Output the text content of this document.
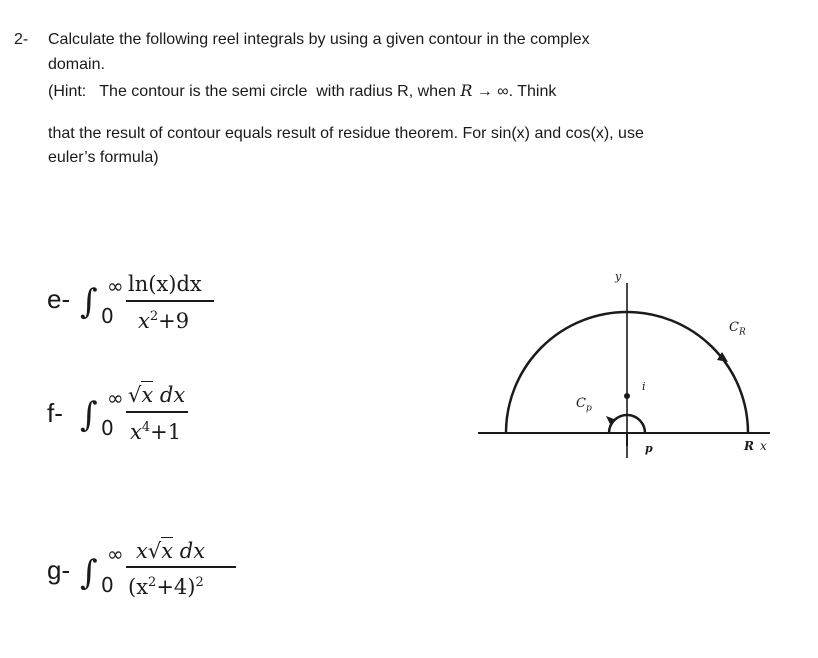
2- Calculate the following reel integrals by using a given contour in the complex
domain.
(Hint:   The contour is the semi circle  with radius R, when R → ∞. Think
that the result of contour equals result of residue theorem. For sin(x) and cos(x), use
euler’s formula)
e- ∫ ∞
0
ln(x)dx
$x^2+9$
f- ∫ ∞
0
√x dx
$x^4+1$
g- ∫ ∞
0
x√x dx
$(x^2+4)^2$
y
$C_R$
$C_p$
i
p	R x
